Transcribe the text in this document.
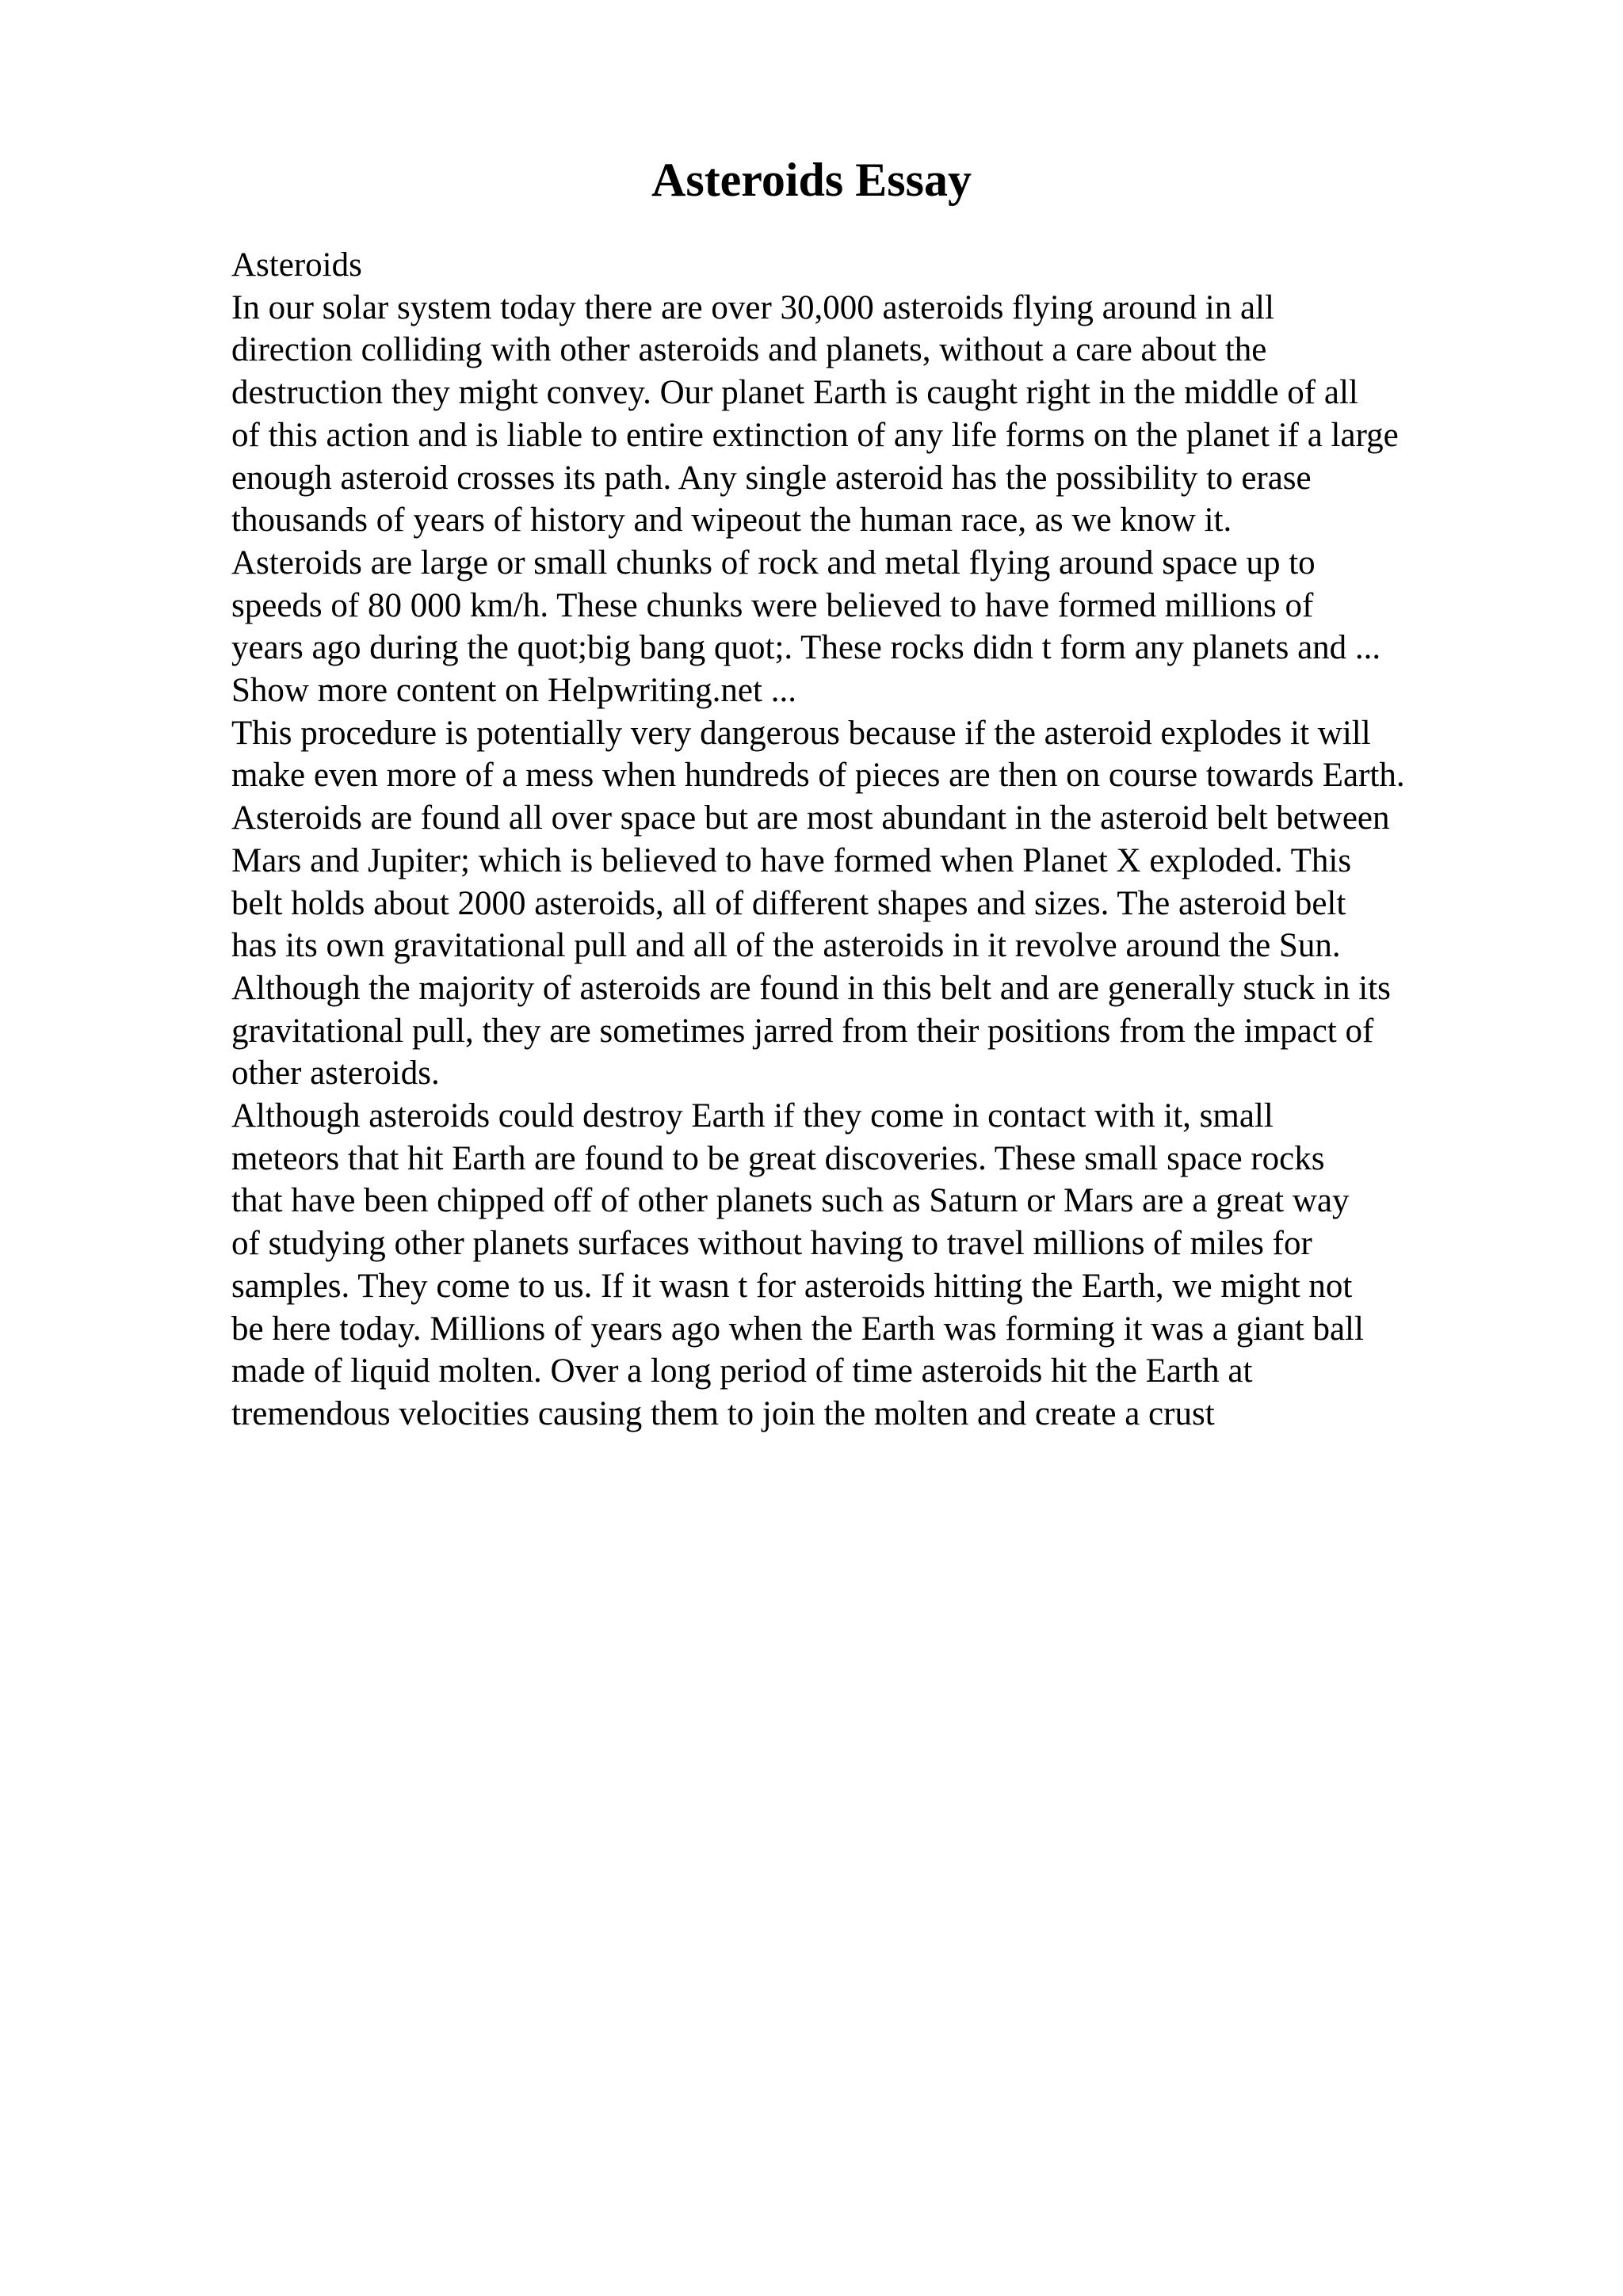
Asteroids Essay
Asteroids
In our solar system today there are over 30,000 asteroids flying around in all
direction colliding with other asteroids and planets, without a care about the
destruction they might convey. Our planet Earth is caught right in the middle of all
of this action and is liable to entire extinction of any life forms on the planet if a large
enough asteroid crosses its path. Any single asteroid has the possibility to erase
thousands of years of history and wipeout the human race, as we know it.
Asteroids are large or small chunks of rock and metal flying around space up to
speeds of 80 000 km/h. These chunks were believed to have formed millions of
years ago during the quot;big bang quot;. These rocks didn t form any planets and ...
Show more content on Helpwriting.net ...
This procedure is potentially very dangerous because if the asteroid explodes it will
make even more of a mess when hundreds of pieces are then on course towards Earth.
Asteroids are found all over space but are most abundant in the asteroid belt between
Mars and Jupiter; which is believed to have formed when Planet X exploded. This
belt holds about 2000 asteroids, all of different shapes and sizes. The asteroid belt
has its own gravitational pull and all of the asteroids in it revolve around the Sun.
Although the majority of asteroids are found in this belt and are generally stuck in its
gravitational pull, they are sometimes jarred from their positions from the impact of
other asteroids.
Although asteroids could destroy Earth if they come in contact with it, small
meteors that hit Earth are found to be great discoveries. These small space rocks
that have been chipped off of other planets such as Saturn or Mars are a great way
of studying other planets surfaces without having to travel millions of miles for
samples. They come to us. If it wasn t for asteroids hitting the Earth, we might not
be here today. Millions of years ago when the Earth was forming it was a giant ball
made of liquid molten. Over a long period of time asteroids hit the Earth at
tremendous velocities causing them to join the molten and create a crust
